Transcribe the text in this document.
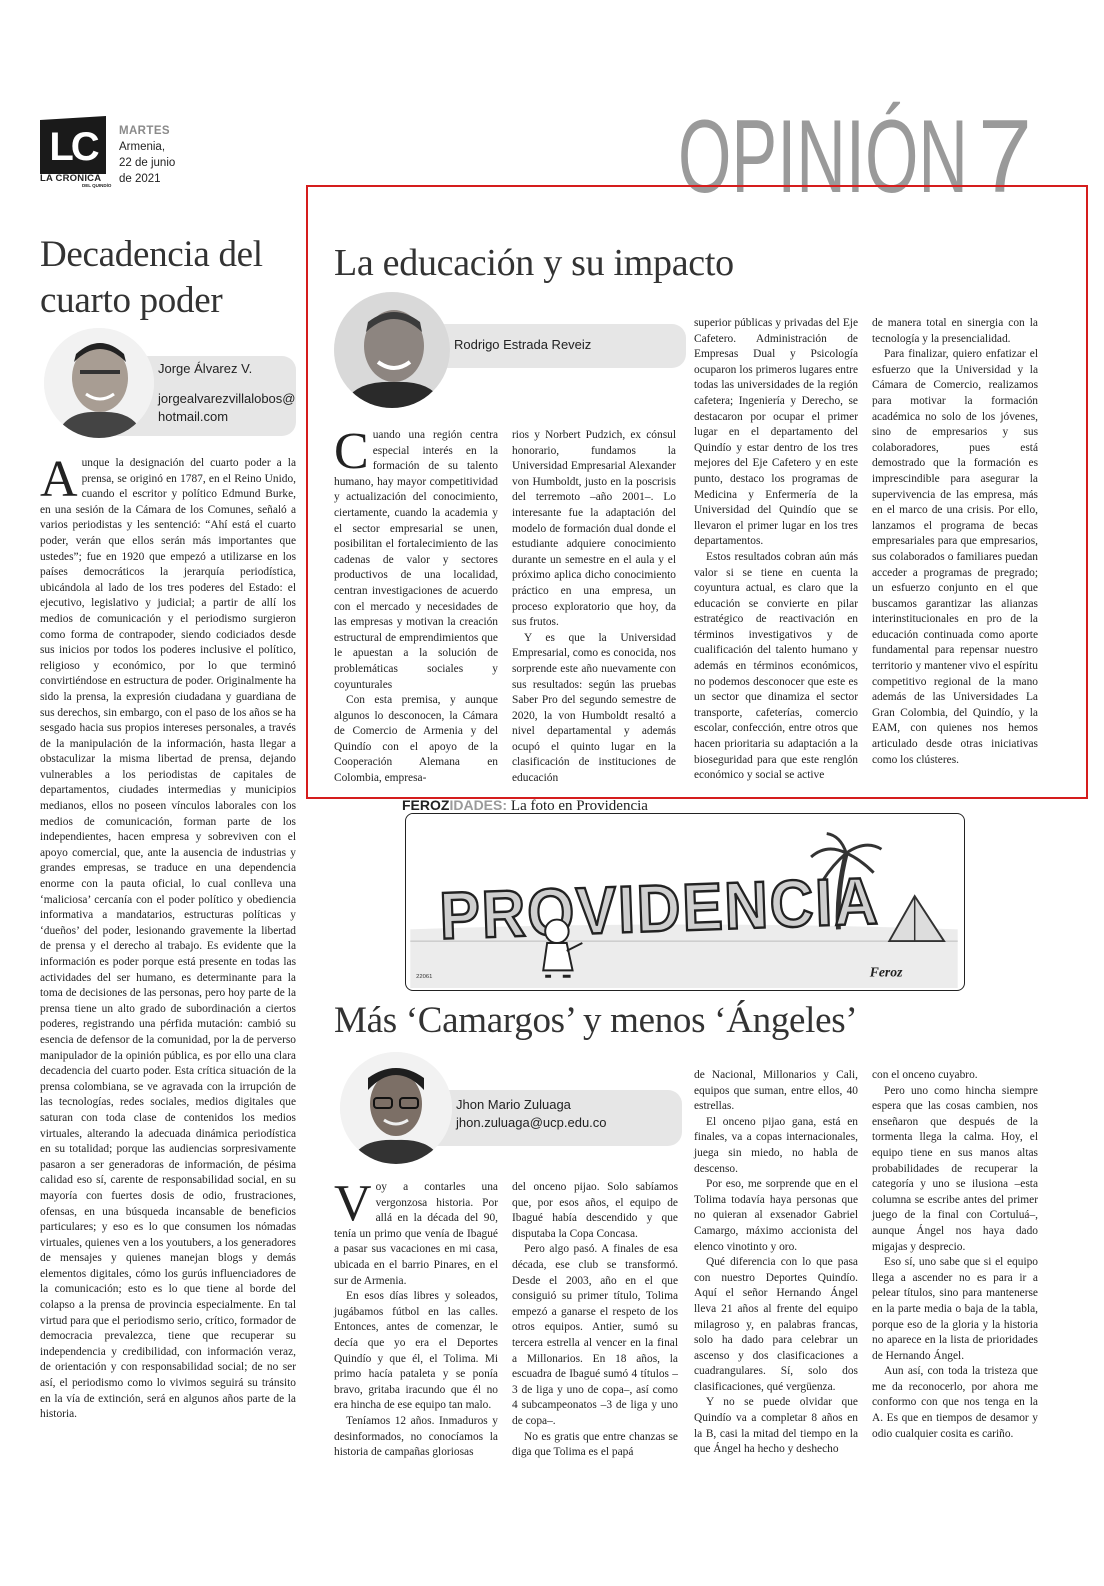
LC
LA CRÓNICA
DEL QUINDÍO
MARTES
Armenia,
22 de junio
de 2021	OPINIÓN 7
Decadencia del
cuarto poder
Jorge Álvarez V.
jorgealvarezvillalobos@
hotmail.com

Aunque la designación del cuarto poder a la prensa, se originó en 1787, en el Reino Unido, cuando el escritor y político Edmund Burke, en una sesión de la Cámara de los Comunes, señaló a varios periodistas y les sentenció: “Ahí está el cuarto poder, verán que ellos serán más importantes que ustedes”; fue en 1920 que empezó a utilizarse en los países democráticos la jerarquía periodística, ubicándola al lado de los tres poderes del Estado: el ejecutivo, legislativo y judicial; a partir de allí los medios de comunicación y el periodismo surgieron como forma de contrapoder, siendo codiciados desde sus inicios por todos los poderes inclusive el político, religioso y económico, por lo que terminó convirtiéndose en estructura de poder. Originalmente ha sido la prensa, la expresión ciudadana y guardiana de sus derechos, sin embargo, con el paso de los años se ha sesgado hacia sus propios intereses personales, a través de la manipulación de la información, hasta llegar a obstaculizar la misma libertad de prensa, dejando vulnerables a los periodistas de capitales de departamentos, ciudades intermedias y municipios medianos, ellos no poseen vínculos laborales con los medios de comunicación, forman parte de los independientes, hacen empresa y sobreviven con el apoyo comercial, que, ante la ausencia de industrias y grandes empresas, se traduce en una dependencia enorme con la pauta oficial, lo cual conlleva una ‘maliciosa’ cercanía con el poder político y obediencia informativa a mandatarios, estructuras políticas y ‘dueños’ del poder, lesionando gravemente la libertad de prensa y el derecho al trabajo. Es evidente que la información es poder porque está presente en todas las actividades del ser humano, es determinante para la toma de decisiones de las personas, pero hoy parte de la prensa tiene un alto grado de subordinación a ciertos poderes, registrando una pérfida mutación: cambió su esencia de defensor de la comunidad, por la de perverso manipulador de la opinión pública, es por ello una clara decadencia del cuarto poder. Esta crítica situación de la prensa colombiana, se ve agravada con la irrupción de las tecnologías, redes sociales, medios digitales que saturan con toda clase de contenidos los medios virtuales, alterando la adecuada dinámica periodística en su totalidad; porque las audiencias sorpresivamente pasaron a ser generadoras de información, de pésima calidad eso sí, carente de responsabilidad social, en su mayoría con fuertes dosis de odio, frustraciones, ofensas, en una búsqueda incansable de beneficios particulares; y eso es lo que consumen los nómadas virtuales, quienes ven a los youtubers, a los generadores de mensajes y quienes manejan blogs y demás elementos digitales, cómo los gurús influenciadores de la comunicación; esto es lo que tiene al borde del colapso a la prensa de provincia especialmente. En tal virtud para que el periodismo serio, crítico, formador de democracia prevalezca, tiene que recuperar su independencia y credibilidad, con información veraz, de orientación y con responsabilidad social; de no ser así, el periodismo como lo vivimos seguirá su tránsito en la vía de extinción, será en algunos años parte de la historia.

La educación y su impacto
Rodrigo Estrada Reveiz

Cuando una región centra especial interés en la formación de su talento humano, hay mayor competitividad y actualización del conocimiento, ciertamente, cuando la academia y el sector empresarial se unen, posibilitan el fortalecimiento de las cadenas de valor y sectores productivos de una localidad, centran investigaciones de acuerdo con el mercado y necesidades de las empresas y motivan la creación estructural de emprendimientos que le apuestan a la solución de problemáticas sociales y coyunturales

Con esta premisa, y aunque algunos lo desconocen, la Cámara de Comercio de Armenia y del Quindío con el apoyo de la Cooperación Alemana en Colombia, empresa-

rios y Norbert Pudzich, ex cónsul honorario, fundamos la Universidad Empresarial Alexander von Humboldt, justo en la poscrisis del terremoto –año 2001–. Lo interesante fue la adaptación del modelo de formación dual donde el estudiante adquiere conocimiento durante un semestre en el aula y el próximo aplica dicho conocimiento práctico en una empresa, un proceso exploratorio que hoy, da sus frutos.

Y es que la Universidad Empresarial, como es conocida, nos sorprende este año nuevamente con sus resultados: según las pruebas Saber Pro del segundo semestre de 2020, la von Humboldt resaltó a nivel departamental y además ocupó el quinto lugar en la clasificación de instituciones de educación

superior públicas y privadas del Eje Cafetero. Administración de Empresas Dual y Psicología ocuparon los primeros lugares entre todas las universidades de la región cafetera; Ingeniería y Derecho, se destacaron por ocupar el primer lugar en el departamento del Quindío y estar dentro de los tres mejores del Eje Cafetero y en este punto, destaco los programas de Medicina y Enfermería de la Universidad del Quindío que se llevaron el primer lugar en los tres departamentos.

Estos resultados cobran aún más valor si se tiene en cuenta la coyuntura actual, es claro que la educación se convierte en pilar estratégico de reactivación en términos investigativos y de cualificación del talento humano y además en términos económicos, no podemos desconocer que este es un sector que dinamiza el sector transporte, cafeterías, comercio escolar, confección, entre otros que hacen prioritaria su adaptación a la bioseguridad para que este renglón económico y social se active

de manera total en sinergia con la tecnología y la presencialidad.

Para finalizar, quiero enfatizar el esfuerzo que la Universidad y la Cámara de Comercio, realizamos para motivar la formación académica no solo de los jóvenes, sino de empresarios y sus colaboradores, pues está demostrado que la formación es imprescindible para asegurar la supervivencia de las empresa, más en el marco de una crisis. Por ello, lanzamos el programa de becas empresariales para que empresarios, sus colaborados o familiares puedan acceder a programas de pregrado; un esfuerzo conjunto en el que buscamos garantizar las alianzas interinstitucionales en pro de la educación continuada como aporte fundamental para repensar nuestro territorio y mantener vivo el espíritu competitivo regional de la mano además de las Universidades La Gran Colombia, del Quindío, y la EAM, con quienes nos hemos articulado desde otras iniciativas como los clústeres.

FEROZIDADES: La foto en Providencia
PROVIDENCIA
22061	Feroz
Más ‘Camargos’ y menos ‘Ángeles’
Jhon Mario Zuluaga
jhon.zuluaga@ucp.edu.co

Voy a contarles una vergonzosa historia. Por allá en la década del 90, tenía un primo que venía de Ibagué a pasar sus vacaciones en mi casa, ubicada en el barrio Pinares, en el sur de Armenia.

En esos días libres y soleados, jugábamos fútbol en las calles. Entonces, antes de comenzar, le decía que yo era el Deportes Quindío y que él, el Tolima. Mi primo hacía pataleta y se ponía bravo, gritaba iracundo que él no era hincha de ese equipo tan malo.

Teníamos 12 años. Inmaduros y desinformados, no conocíamos la historia de campañas gloriosas

del onceno pijao. Solo sabíamos que, por esos años, el equipo de Ibagué había descendido y que disputaba la Copa Concasa.

Pero algo pasó. A finales de esa década, ese club se transformó. Desde el 2003, año en el que consiguió su primer título, Tolima empezó a ganarse el respeto de los otros equipos. Antier, sumó su tercera estrella al vencer en la final a Millonarios. En 18 años, la escuadra de Ibagué sumó 4 títulos –3 de liga y uno de copa–, así como 4 subcampeonatos –3 de liga y uno de copa–.

No es gratis que entre chanzas se diga que Tolima es el papá

de Nacional, Millonarios y Cali, equipos que suman, entre ellos, 40 estrellas.

El onceno pijao gana, está en finales, va a copas internacionales, juega sin miedo, no habla de descenso.

Por eso, me sorprende que en el Tolima todavía haya personas que no quieran al exsenador Gabriel Camargo, máximo accionista del elenco vinotinto y oro.

Qué diferencia con lo que pasa con nuestro Deportes Quindío. Aquí el señor Hernando Ángel lleva 21 años al frente del equipo milagroso y, en palabras francas, solo ha dado para celebrar un ascenso y dos clasificaciones a cuadrangulares. Sí, solo dos clasificaciones, qué vergüenza.

Y no se puede olvidar que Quindío va a completar 8 años en la B, casi la mitad del tiempo en la que Ángel ha hecho y deshecho

con el onceno cuyabro.

Pero uno como hincha siempre espera que las cosas cambien, nos enseñaron que después de la tormenta llega la calma. Hoy, el equipo tiene en sus manos altas probabilidades de recuperar la categoría y uno se ilusiona –esta columna se escribe antes del primer juego de la final con Cortuluá–, aunque Ángel nos haya dado migajas y desprecio.

Eso sí, uno sabe que si el equipo llega a ascender no es para ir a pelear títulos, sino para mantenerse en la parte media o baja de la tabla, porque eso de la gloria y la historia no aparece en la lista de prioridades de Hernando Ángel.

Aun así, con toda la tristeza que me da reconocerlo, por ahora me conformo con que nos tenga en la A. Es que en tiempos de desamor y odio cualquier cosita es cariño.
